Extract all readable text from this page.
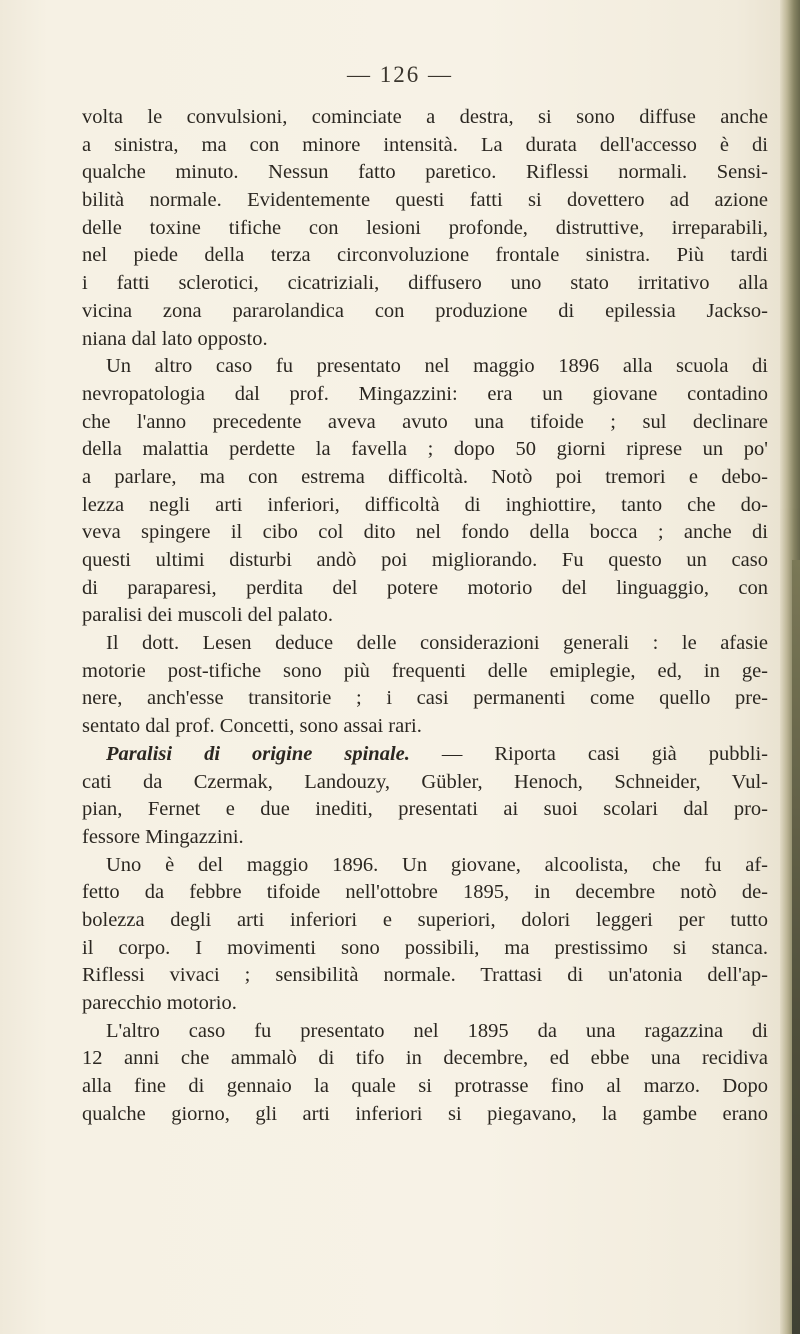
— 126 —
volta le convulsioni, cominciate a destra, si sono diffuse anche
a sinistra, ma con minore intensità. La durata dell'accesso è di
qualche minuto. Nessun fatto paretico. Riflessi normali. Sensi-
bilità normale. Evidentemente questi fatti si dovettero ad azione
delle toxine tifiche con lesioni profonde, distruttive, irreparabili,
nel piede della terza circonvoluzione frontale sinistra. Più tardi
i fatti sclerotici, cicatriziali, diffusero uno stato irritativo alla
vicina zona pararolandica con produzione di epilessia Jackso-
niana dal lato opposto.
Un altro caso fu presentato nel maggio 1896 alla scuola di
nevropatologia dal prof. Mingazzini: era un giovane contadino
che l'anno precedente aveva avuto una tifoide ; sul declinare
della malattia perdette la favella ; dopo 50 giorni riprese un po'
a parlare, ma con estrema difficoltà. Notò poi tremori e debo-
lezza negli arti inferiori, difficoltà di inghiottire, tanto che do-
veva spingere il cibo col dito nel fondo della bocca ; anche di
questi ultimi disturbi andò poi migliorando. Fu questo un caso
di paraparesi, perdita del potere motorio del linguaggio, con
paralisi dei muscoli del palato.
Il dott. Lesen deduce delle considerazioni generali : le afasie
motorie post-tifiche sono più frequenti delle emiplegie, ed, in ge-
nere, anch'esse transitorie ; i casi permanenti come quello pre-
sentato dal prof. Concetti, sono assai rari.
Paralisi di origine spinale. — Riporta casi già pubbli-
cati da Czermak, Landouzy, Gübler, Henoch, Schneider, Vul-
pian, Fernet e due inediti, presentati ai suoi scolari dal pro-
fessore Mingazzini.
Uno è del maggio 1896. Un giovane, alcoolista, che fu af-
fetto da febbre tifoide nell'ottobre 1895, in decembre notò de-
bolezza degli arti inferiori e superiori, dolori leggeri per tutto
il corpo. I movimenti sono possibili, ma prestissimo si stanca.
Riflessi vivaci ; sensibilità normale. Trattasi di un'atonia dell'ap-
parecchio motorio.
L'altro caso fu presentato nel 1895 da una ragazzina di
12 anni che ammalò di tifo in decembre, ed ebbe una recidiva
alla fine di gennaio la quale si protrasse fino al marzo. Dopo
qualche giorno, gli arti inferiori si piegavano, la gambe erano
